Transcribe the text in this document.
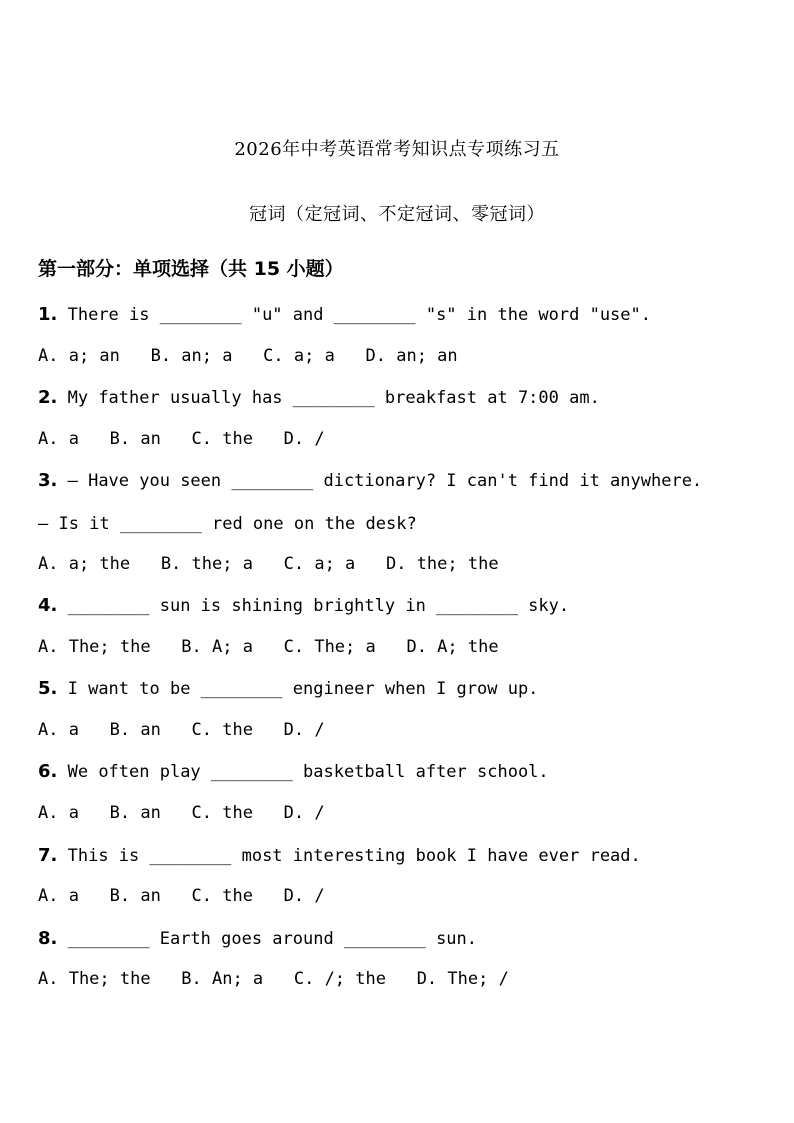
2026年中考英语常考知识点专项练习五
冠词（定冠词、不定冠词、零冠词）
第一部分：单项选择（共 15 小题）
1. There is ________ "u" and ________ "s" in the word "use".
A. a; an   B. an; a   C. a; a   D. an; an
2. My father usually has ________ breakfast at 7:00 am.
A. a   B. an   C. the   D. /
3. — Have you seen ________ dictionary? I can't find it anywhere.
— Is it ________ red one on the desk?
A. a; the   B. the; a   C. a; a   D. the; the
4. ________ sun is shining brightly in ________ sky.
A. The; the   B. A; a   C. The; a   D. A; the
5. I want to be ________ engineer when I grow up.
A. a   B. an   C. the   D. /
6. We often play ________ basketball after school.
A. a   B. an   C. the   D. /
7. This is ________ most interesting book I have ever read.
A. a   B. an   C. the   D. /
8. ________ Earth goes around ________ sun.
A. The; the   B. An; a   C. /; the   D. The; /
